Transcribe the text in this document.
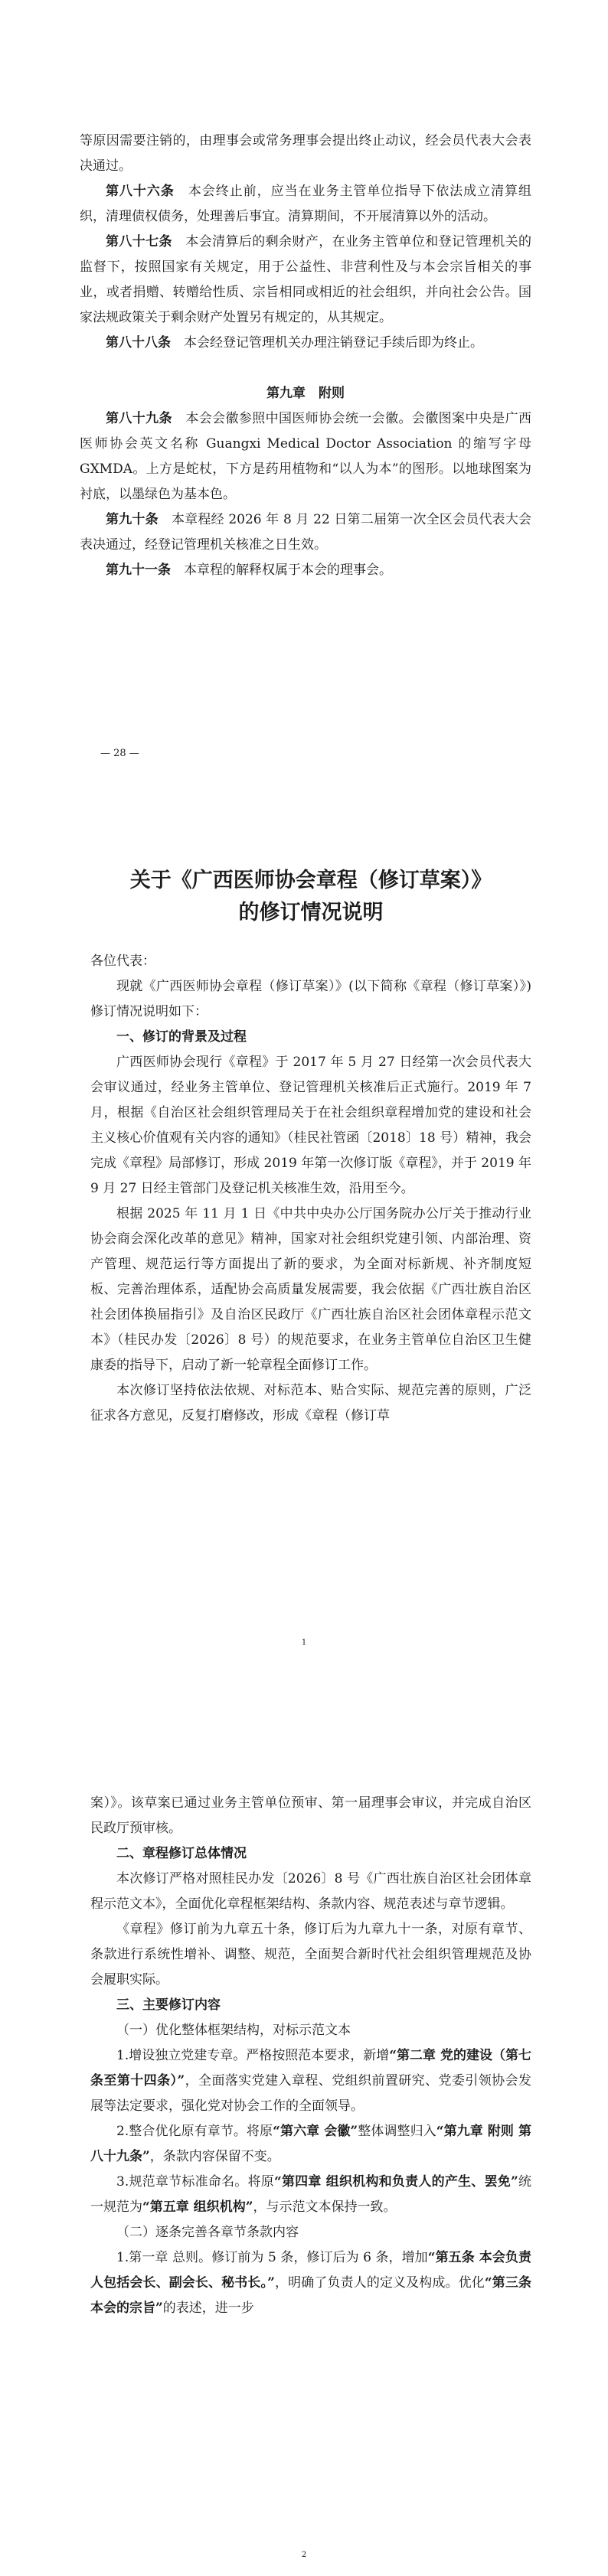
等原因需要注销的，由理事会或常务理事会提出终止动议，经会员代表大会表决通过。

第八十六条　 本会终止前，应当在业务主管单位指导下依法成立清算组织，清理债权债务，处理善后事宜。清算期间，不开展清算以外的活动。

第八十七条　 本会清算后的剩余财产，在业务主管单位和登记管理机关的监督下，按照国家有关规定，用于公益性、非营利性及与本会宗旨相关的事业，或者捐赠、转赠给性质、宗旨相同或相近的社会组织，并向社会公告。国家法规政策关于剩余财产处置另有规定的，从其规定。

第八十八条　 本会经登记管理机关办理注销登记手续后即为终止。

第九章　附则

第八十九条　 本会会徽参照中国医师协会统一会徽。会徽图案中央是广西医师协会英文名称 Guangxi Medical Doctor Association 的缩写字母 GXMDA。上方是蛇杖，下方是药用植物和“以人为本”的图形。以地球图案为衬底，以墨绿色为基本色。

第九十条　 本章程经 2026 年 8 月 22 日第二届第一次全区会员代表大会表决通过，经登记管理机关核准之日生效。

第九十一条　 本章程的解释权属于本会的理事会。

— 28 —
关于《广西医师协会章程（修订草案）》
的修订情况说明

各位代表：

现就《广西医师协会章程（修订草案）》(以下简称《章程（修订草案）》)修订情况说明如下：

一、修订的背景及过程

广西医师协会现行《章程》于 2017 年 5 月 27 日经第一次会员代表大会审议通过，经业务主管单位、登记管理机关核准后正式施行。2019 年 7 月，根据《自治区社会组织管理局关于在社会组织章程增加党的建设和社会主义核心价值观有关内容的通知》（桂民社管函〔2018〕18 号）精神，我会完成《章程》局部修订，形成 2019 年第一次修订版《章程》，并于 2019 年 9 月 27 日经主管部门及登记机关核准生效，沿用至今。

根据 2025 年 11 月 1 日《中共中央办公厅国务院办公厅关于推动行业协会商会深化改革的意见》精神，国家对社会组织党建引领、内部治理、资产管理、规范运行等方面提出了新的要求，为全面对标新规、补齐制度短板、完善治理体系，适配协会高质量发展需要，我会依据《广西壮族自治区社会团体换届指引》及自治区民政厅《广西壮族自治区社会团体章程示范文本》（桂民办发〔2026〕8 号）的规范要求，在业务主管单位自治区卫生健康委的指导下，启动了新一轮章程全面修订工作。

本次修订坚持依法依规、对标范本、贴合实际、规范完善的原则，广泛征求各方意见，反复打磨修改，形成《章程（修订草

1

案）》。该草案已通过业务主管单位预审、第一届理事会审议，并完成自治区民政厅预审核。

二、章程修订总体情况

本次修订严格对照桂民办发〔2026〕8 号《广西壮族自治区社会团体章程示范文本》，全面优化章程框架结构、条款内容、规范表述与章节逻辑。

《章程》修订前为九章五十条，修订后为九章九十一条，对原有章节、条款进行系统性增补、调整、规范，全面契合新时代社会组织管理规范及协会履职实际。

三、主要修订内容

（一）优化整体框架结构，对标示范文本

1.增设独立党建专章。严格按照范本要求，新增“第二章 党的建设（第七条至第十四条）”，全面落实党建入章程、党组织前置研究、党委引领协会发展等法定要求，强化党对协会工作的全面领导。

2.整合优化原有章节。将原“第六章 会徽”整体调整归入“第九章 附则 第八十九条”，条款内容保留不变。

3.规范章节标准命名。将原“第四章 组织机构和负责人的产生、罢免”统一规范为“第五章 组织机构”，与示范文本保持一致。

（二）逐条完善各章节条款内容

1.第一章 总则。修订前为 5 条，修订后为 6 条，增加“第五条 本会负责人包括会长、副会长、秘书长。”，明确了负责人的定义及构成。优化“第三条 本会的宗旨”的表述，进一步

2
